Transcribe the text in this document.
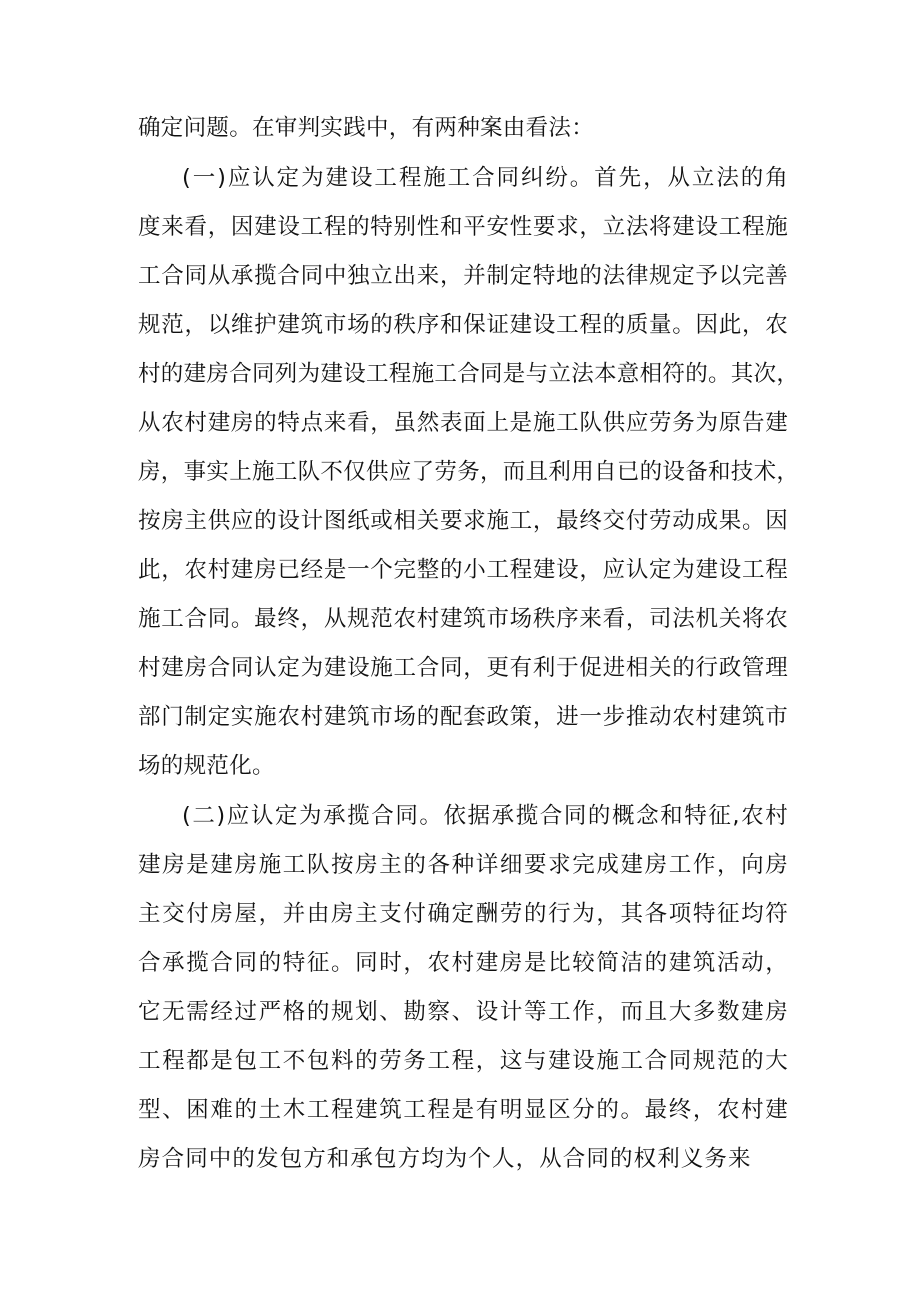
确定问题。在审判实践中，有两种案由看法：
(一)应认定为建设工程施工合同纠纷。首先，从立法的角
度来看，因建设工程的特别性和平安性要求，立法将建设工程施
工合同从承揽合同中独立出来，并制定特地的法律规定予以完善
规范，以维护建筑市场的秩序和保证建设工程的质量。因此，农
村的建房合同列为建设工程施工合同是与立法本意相符的。其次，
从农村建房的特点来看，虽然表面上是施工队供应劳务为原告建
房，事实上施工队不仅供应了劳务，而且利用自已的设备和技术，
按房主供应的设计图纸或相关要求施工，最终交付劳动成果。因
此，农村建房已经是一个完整的小工程建设，应认定为建设工程
施工合同。最终，从规范农村建筑市场秩序来看，司法机关将农
村建房合同认定为建设施工合同，更有利于促进相关的行政管理
部门制定实施农村建筑市场的配套政策，进一步推动农村建筑市
场的规范化。
(二)应认定为承揽合同。依据承揽合同的概念和特征,农村
建房是建房施工队按房主的各种详细要求完成建房工作，向房
主交付房屋，并由房主支付确定酬劳的行为，其各项特征均符
合承揽合同的特征。同时，农村建房是比较简洁的建筑活动，
它无需经过严格的规划、勘察、设计等工作，而且大多数建房
工程都是包工不包料的劳务工程，这与建设施工合同规范的大
型、困难的土木工程建筑工程是有明显区分的。最终，农村建
房合同中的发包方和承包方均为个人，从合同的权利义务来
